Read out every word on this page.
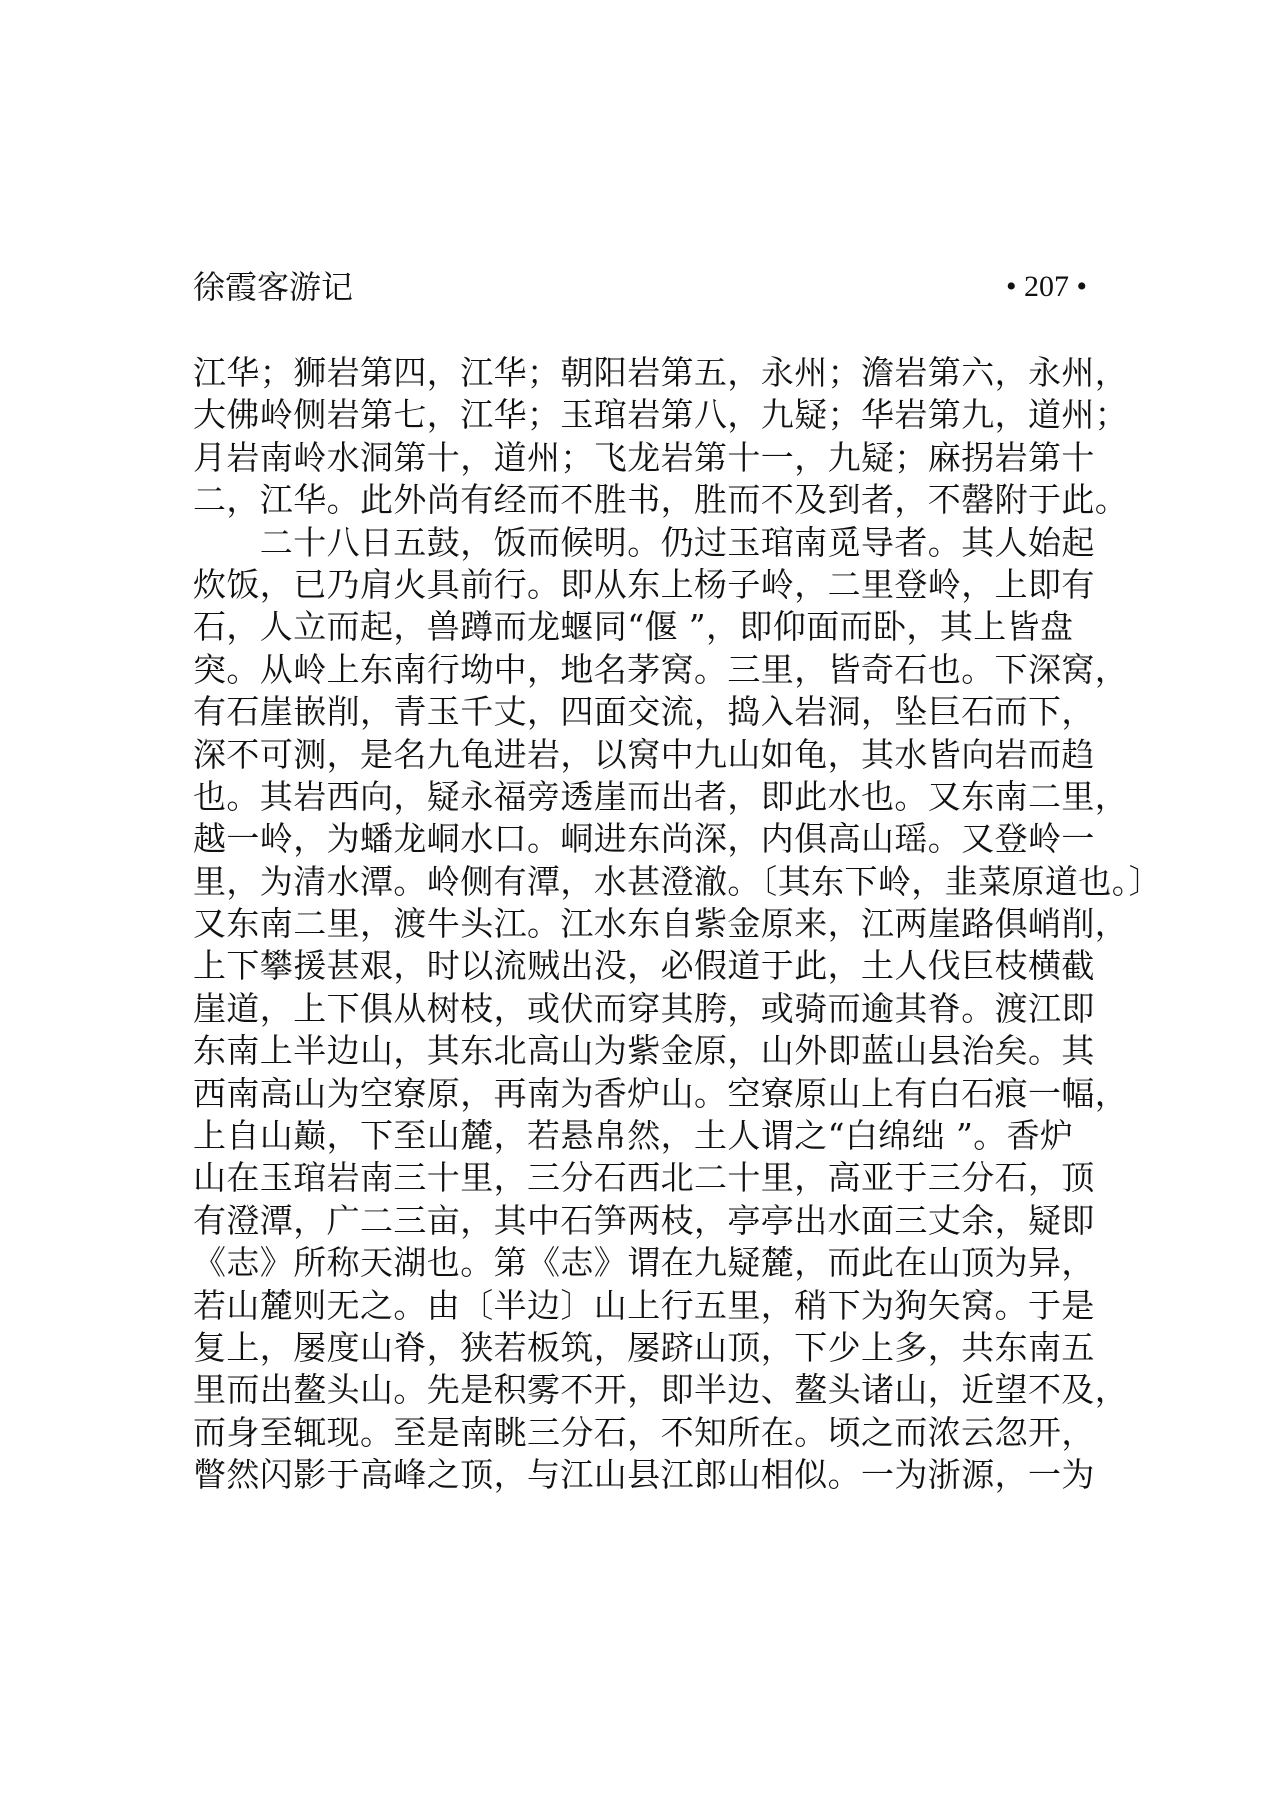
徐霞客游记	• 207 •
江华；狮岩第四，江华；朝阳岩第五，永州；澹岩第六，永州，
大佛岭侧岩第七，江华；玉琯岩第八，九疑；华岩第九，道州；
月岩南岭水洞第十，道州；飞龙岩第十一，九疑；麻拐岩第十
二，江华。此外尚有经而不胜书，胜而不及到者，不罄附于此。
　　二十八日五鼓，饭而候明。仍过玉琯南觅导者。其人始起
炊饭，已乃肩火具前行。即从东上杨子岭，二里登岭，上即有
石，人立而起，兽蹲而龙蝘同“偃 ”，即仰面而卧，其上皆盘
突。从岭上东南行坳中，地名茅窝。三里，皆奇石也。下深窝，
有石崖嵌削，青玉千丈，四面交流，捣入岩洞，坠巨石而下，
深不可测，是名九龟进岩，以窝中九山如龟，其水皆向岩而趋
也。其岩西向，疑永福旁透崖而出者，即此水也。又东南二里，
越一岭，为蟠龙峒水口。峒进东尚深，内俱高山瑶。又登岭一
里，为清水潭。岭侧有潭，水甚澄澈。〔其东下岭，韭菜原道也。〕
又东南二里，渡牛头江。江水东自紫金原来，江两崖路俱峭削，
上下攀援甚艰，时以流贼出没，必假道于此，土人伐巨枝横截
崖道，上下俱从树枝，或伏而穿其胯，或骑而逾其脊。渡江即
东南上半边山，其东北高山为紫金原，山外即蓝山县治矣。其
西南高山为空寮原，再南为香炉山。空寮原山上有白石痕一幅，
上自山巅，下至山麓，若悬帛然，土人谓之“白绵绌 ”。香炉
山在玉琯岩南三十里，三分石西北二十里，高亚于三分石，顶
有澄潭，广二三亩，其中石笋两枝，亭亭出水面三丈余，疑即
《志》所称天湖也。第《志》谓在九疑麓，而此在山顶为异，
若山麓则无之。由〔半边〕山上行五里，稍下为狗矢窝。于是
复上，屡度山脊，狭若板筑，屡跻山顶，下少上多，共东南五
里而出鳌头山。先是积雾不开，即半边、鳌头诸山，近望不及，
而身至辄现。至是南眺三分石，不知所在。顷之而浓云忽开，
瞥然闪影于高峰之顶，与江山县江郎山相似。一为浙源，一为
